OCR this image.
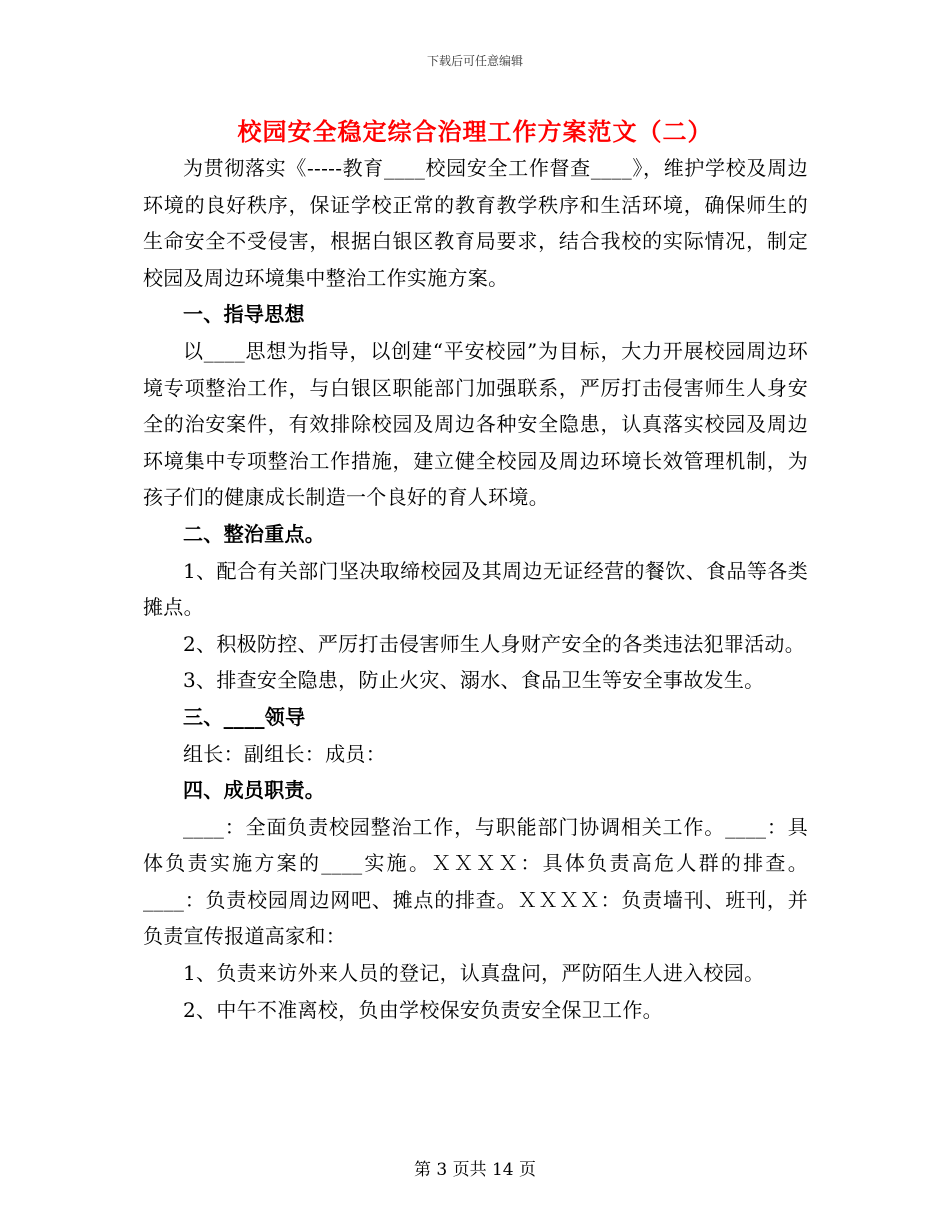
下载后可任意编辑
校园安全稳定综合治理工作方案范文（二）

为贯彻落实《-----教育____校园安全工作督查____》，维护学校及周边环境的良好秩序，保证学校正常的教育教学秩序和生活环境，确保师生的生命安全不受侵害，根据白银区教育局要求，结合我校的实际情况，制定校园及周边环境集中整治工作实施方案。

一、指导思想

以____思想为指导，以创建“平安校园”为目标，大力开展校园周边环境专项整治工作，与白银区职能部门加强联系，严厉打击侵害师生人身安全的治安案件，有效排除校园及周边各种安全隐患，认真落实校园及周边环境集中专项整治工作措施，建立健全校园及周边环境长效管理机制，为孩子们的健康成长制造一个良好的育人环境。

二、整治重点。

1、配合有关部门坚决取缔校园及其周边无证经营的餐饮、食品等各类摊点。

2、积极防控、严厉打击侵害师生人身财产安全的各类违法犯罪活动。

3、排查安全隐患，防止火灾、溺水、食品卫生等安全事故发生。

三、____领导

组长：副组长：成员：

四、成员职责。

____：全面负责校园整治工作，与职能部门协调相关工作。____：具体负责实施方案的____实施。ＸＸＸＸ：具体负责高危人群的排查。____：负责校园周边网吧、摊点的排查。ＸＸＸＸ：负责墙刊、班刊，并负责宣传报道高家和：

1、负责来访外来人员的登记，认真盘问，严防陌生人进入校园。

2、中午不准离校，负由学校保安负责安全保卫工作。

第 3 页共 14 页
